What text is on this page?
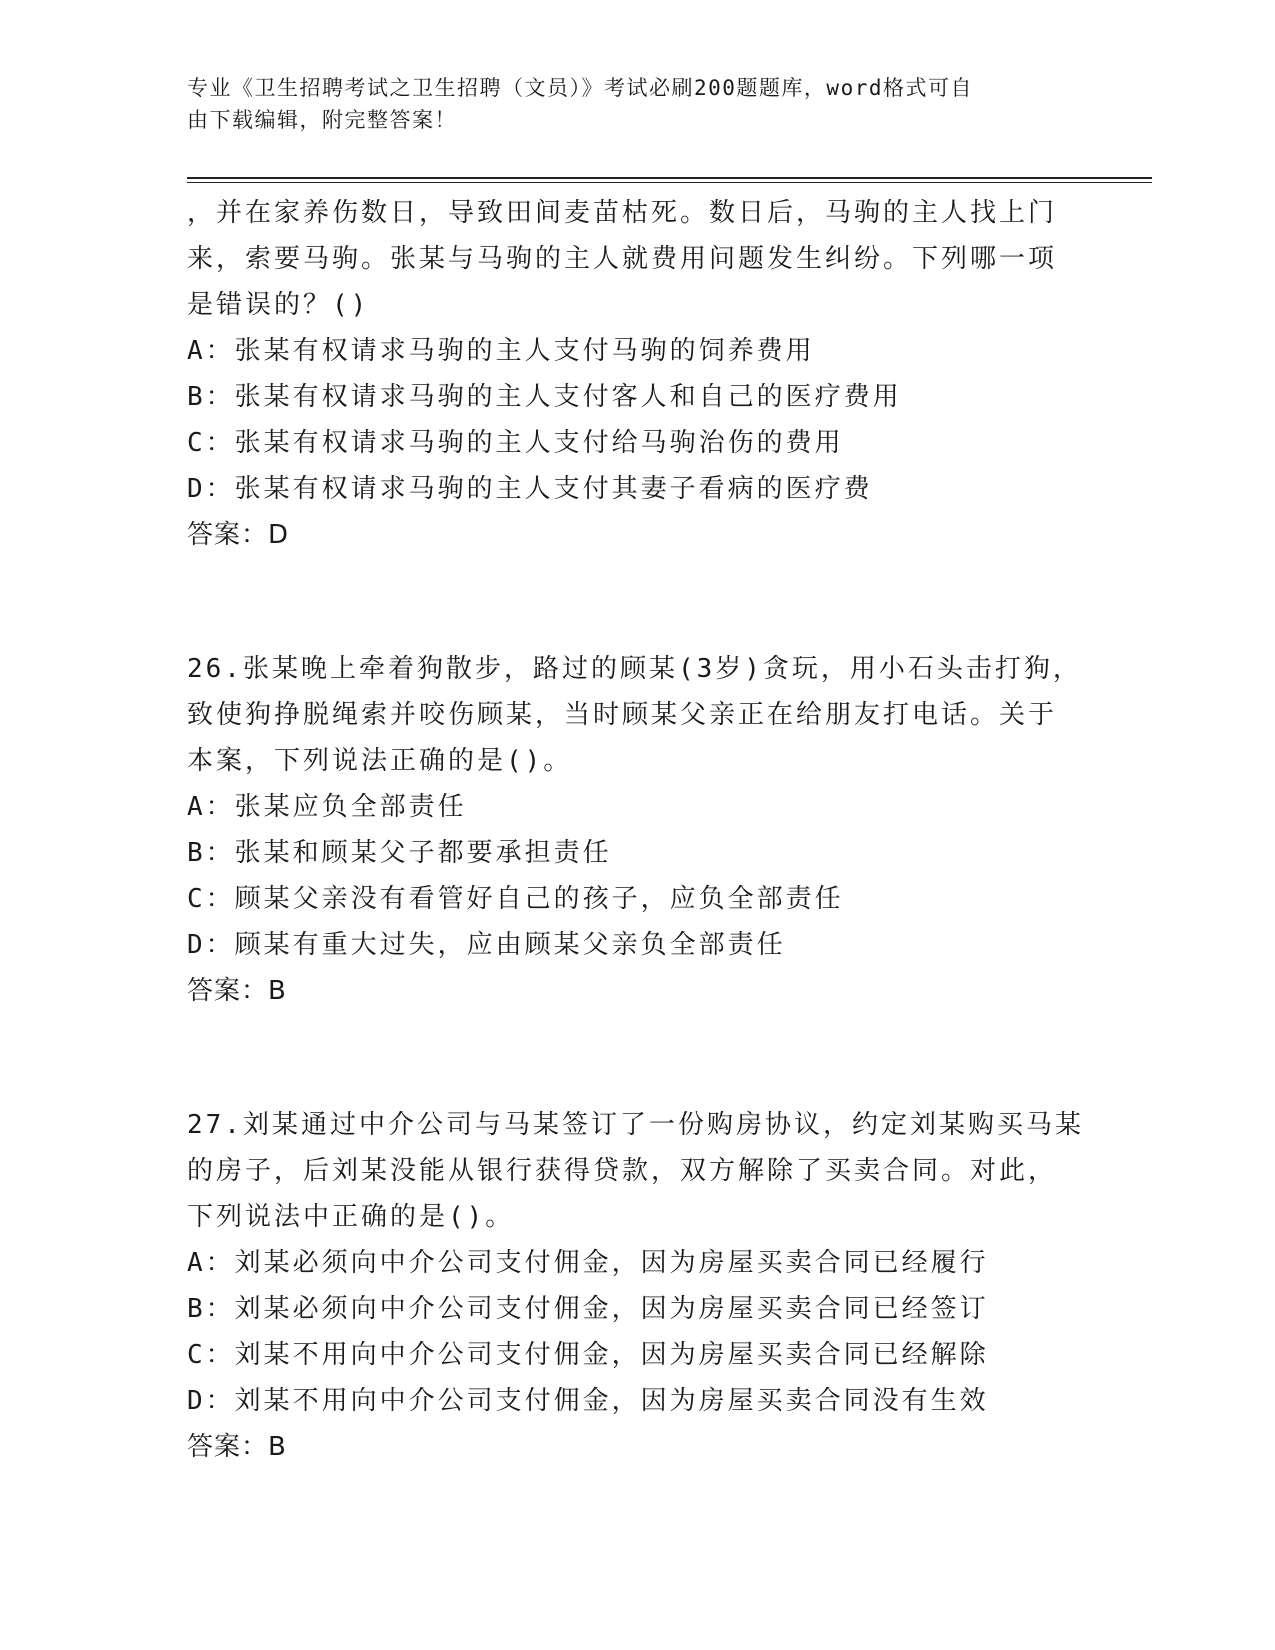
专业《卫生招聘考试之卫生招聘（文员）》考试必刷200题题库，word格式可自
由下载编辑，附完整答案！
，并在家养伤数日，导致田间麦苗枯死。数日后，马驹的主人找上门
来，索要马驹。张某与马驹的主人就费用问题发生纠纷。下列哪一项
是错误的？()
A：张某有权请求马驹的主人支付马驹的饲养费用
B：张某有权请求马驹的主人支付客人和自己的医疗费用
C：张某有权请求马驹的主人支付给马驹治伤的费用
D：张某有权请求马驹的主人支付其妻子看病的医疗费
答案：D
26.张某晚上牵着狗散步，路过的顾某(3岁)贪玩，用小石头击打狗，
致使狗挣脱绳索并咬伤顾某，当时顾某父亲正在给朋友打电话。关于
本案，下列说法正确的是()。
A：张某应负全部责任
B：张某和顾某父子都要承担责任
C：顾某父亲没有看管好自己的孩子，应负全部责任
D：顾某有重大过失，应由顾某父亲负全部责任
答案：B
27.刘某通过中介公司与马某签订了一份购房协议，约定刘某购买马某
的房子，后刘某没能从银行获得贷款，双方解除了买卖合同。对此，
下列说法中正确的是()。
A：刘某必须向中介公司支付佣金，因为房屋买卖合同已经履行
B：刘某必须向中介公司支付佣金，因为房屋买卖合同已经签订
C：刘某不用向中介公司支付佣金，因为房屋买卖合同已经解除
D：刘某不用向中介公司支付佣金，因为房屋买卖合同没有生效
答案：B
